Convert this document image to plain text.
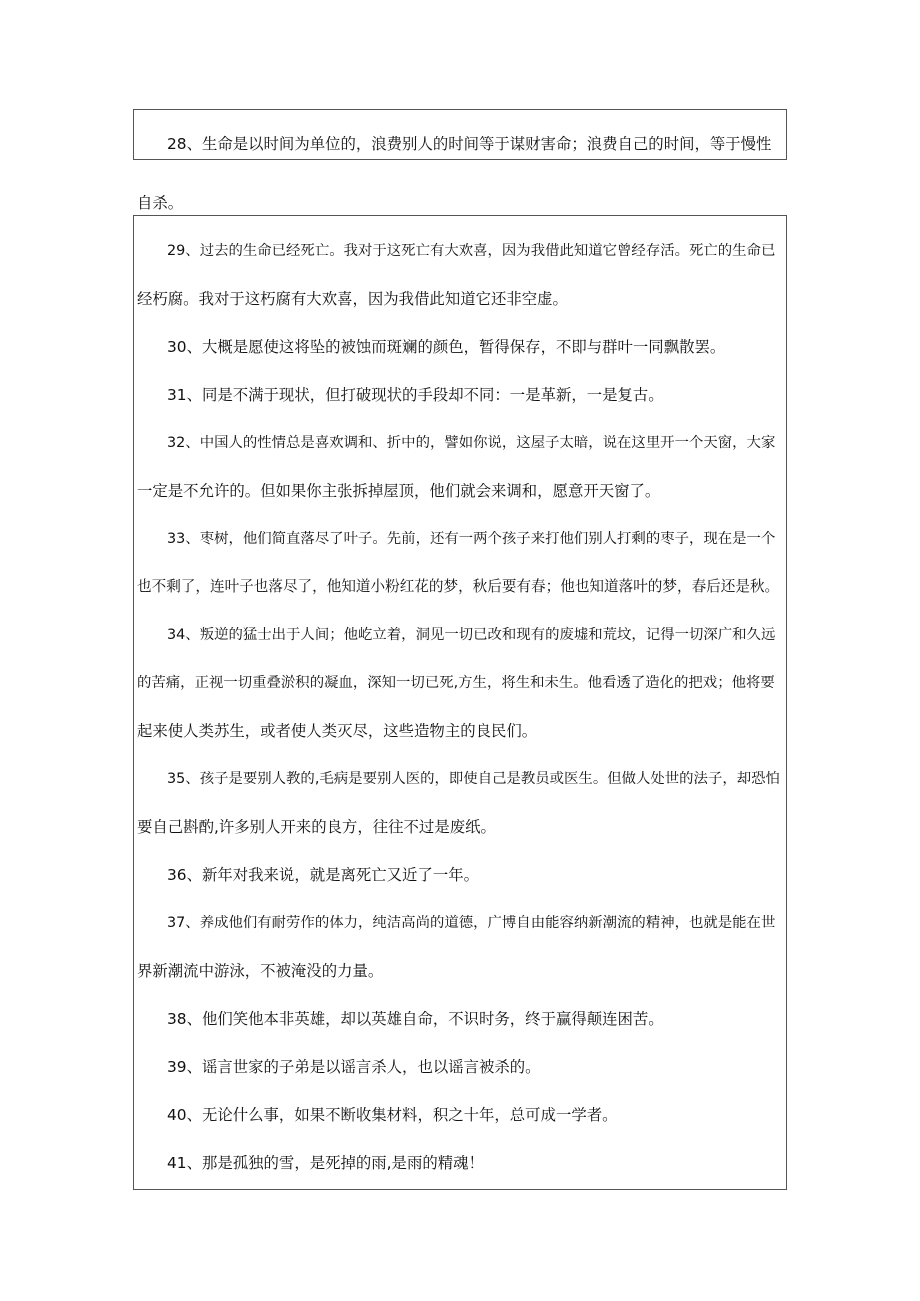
28、生命是以时间为单位的，浪费别人的时间等于谋财害命；浪费自己的时间，等于慢性
自杀。
29、过去的生命已经死亡。我对于这死亡有大欢喜，因为我借此知道它曾经存活。死亡的生命已
经朽腐。我对于这朽腐有大欢喜，因为我借此知道它还非空虚。
30、大概是愿使这将坠的被蚀而斑斓的颜色，暂得保存，不即与群叶一同飘散罢。
31、同是不满于现状，但打破现状的手段却不同：一是革新，一是复古。
32、中国人的性情总是喜欢调和、折中的，譬如你说，这屋子太暗，说在这里开一个天窗，大家
一定是不允许的。但如果你主张拆掉屋顶，他们就会来调和，愿意开天窗了。
33、枣树，他们简直落尽了叶子。先前，还有一两个孩子来打他们别人打剩的枣子，现在是一个
也不剩了，连叶子也落尽了，他知道小粉红花的梦，秋后要有春；他也知道落叶的梦，春后还是秋。
34、叛逆的猛士出于人间；他屹立着，洞见一切已改和现有的废墟和荒坟，记得一切深广和久远
的苦痛，正视一切重叠淤积的凝血，深知一切已死,方生，将生和未生。他看透了造化的把戏；他将要
起来使人类苏生，或者使人类灭尽，这些造物主的良民们。
35、孩子是要别人教的,毛病是要别人医的，即使自己是教员或医生。但做人处世的法子，却恐怕
要自己斟酌,许多别人开来的良方，往往不过是废纸。
36、新年对我来说，就是离死亡又近了一年。
37、养成他们有耐劳作的体力，纯洁高尚的道德，广博自由能容纳新潮流的精神，也就是能在世
界新潮流中游泳，不被淹没的力量。
38、他们笑他本非英雄，却以英雄自命，不识时务，终于赢得颠连困苦。
39、谣言世家的子弟是以谣言杀人，也以谣言被杀的。
40、无论什么事，如果不断收集材料，积之十年，总可成一学者。
41、那是孤独的雪，是死掉的雨,是雨的精魂！
